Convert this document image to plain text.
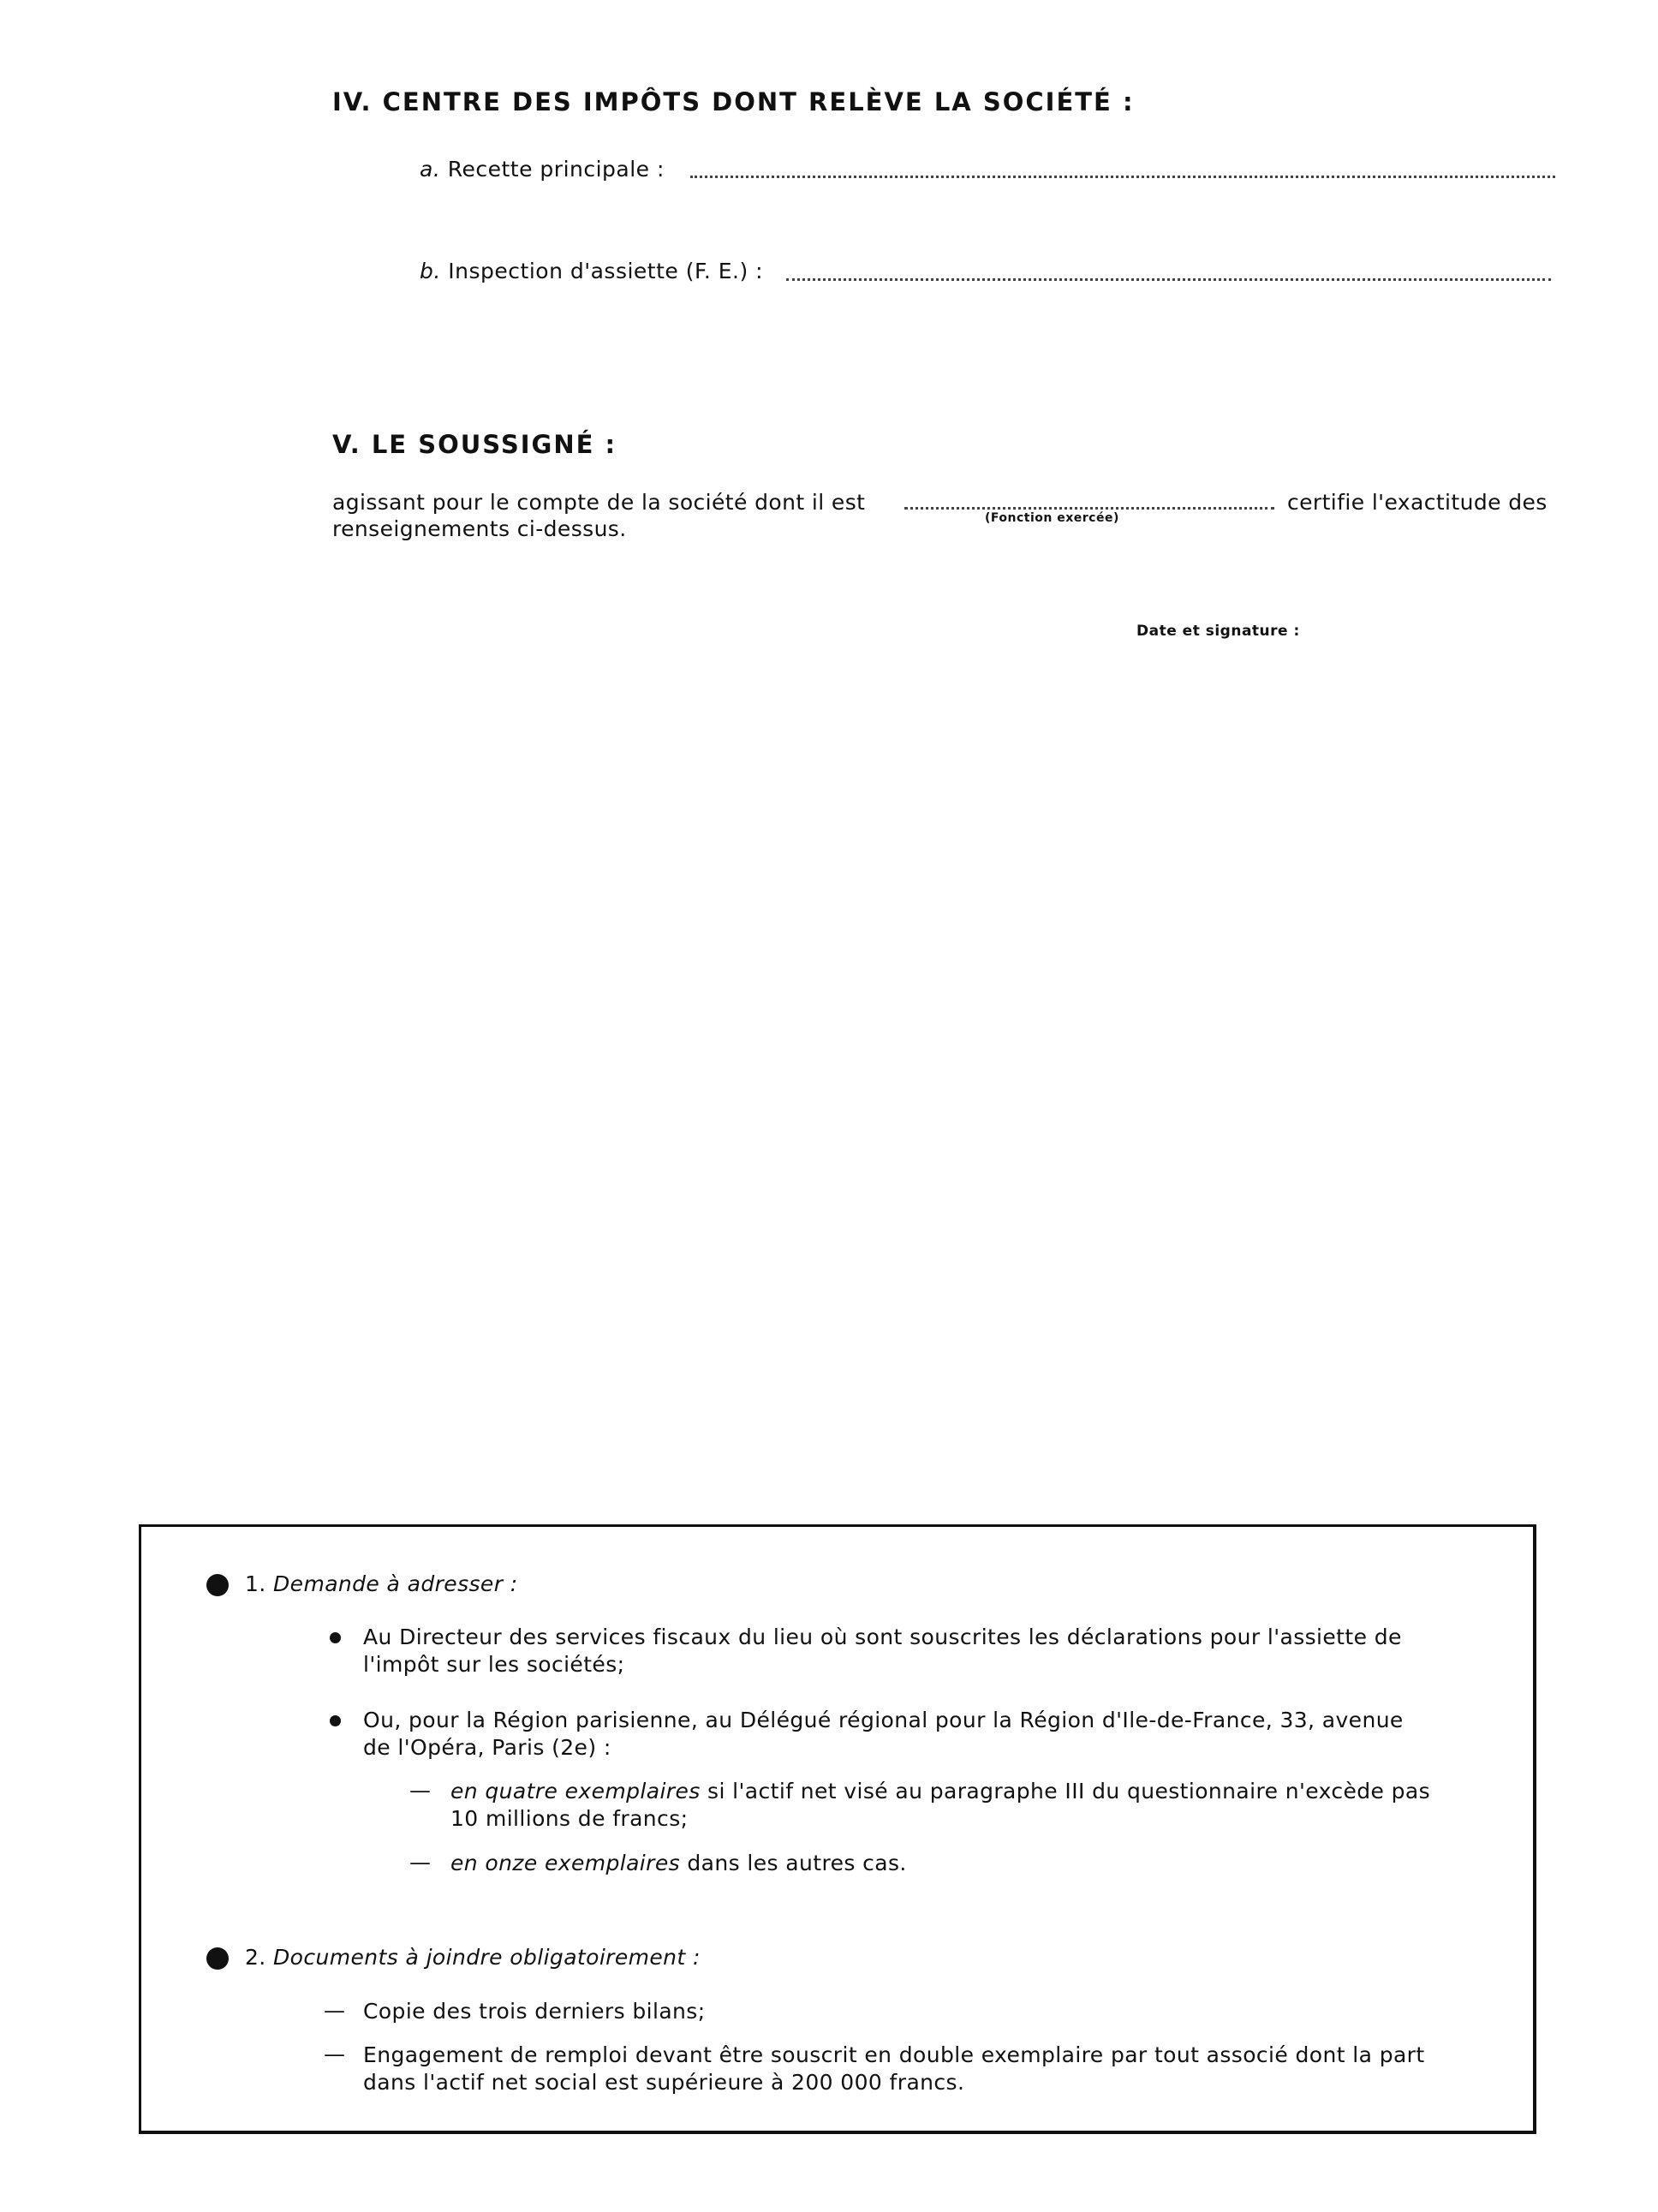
IV. CENTRE DES IMPÔTS DONT RELÈVE LA SOCIÉTÉ :
a. Recette principale :
b. Inspection d'assiette (F. E.) :
V. LE SOUSSIGNÉ :
agissant pour le compte de la société dont il est	certifie l'exactitude des
renseignements ci-dessus.	(Fonction exercée)
Date et signature :
1. Demande à adresser :
Au Directeur des services fiscaux du lieu où sont souscrites les déclarations pour l'assiette de
l'impôt sur les sociétés;
Ou, pour la Région parisienne, au Délégué régional pour la Région d'Ile-de-France, 33, avenue
de l'Opéra, Paris (2e) :
— en quatre exemplaires si l'actif net visé au paragraphe III du questionnaire n'excède pas
10 millions de francs;
— en onze exemplaires dans les autres cas.
2. Documents à joindre obligatoirement :
— Copie des trois derniers bilans;
— Engagement de remploi devant être souscrit en double exemplaire par tout associé dont la part
dans l'actif net social est supérieure à 200 000 francs.
